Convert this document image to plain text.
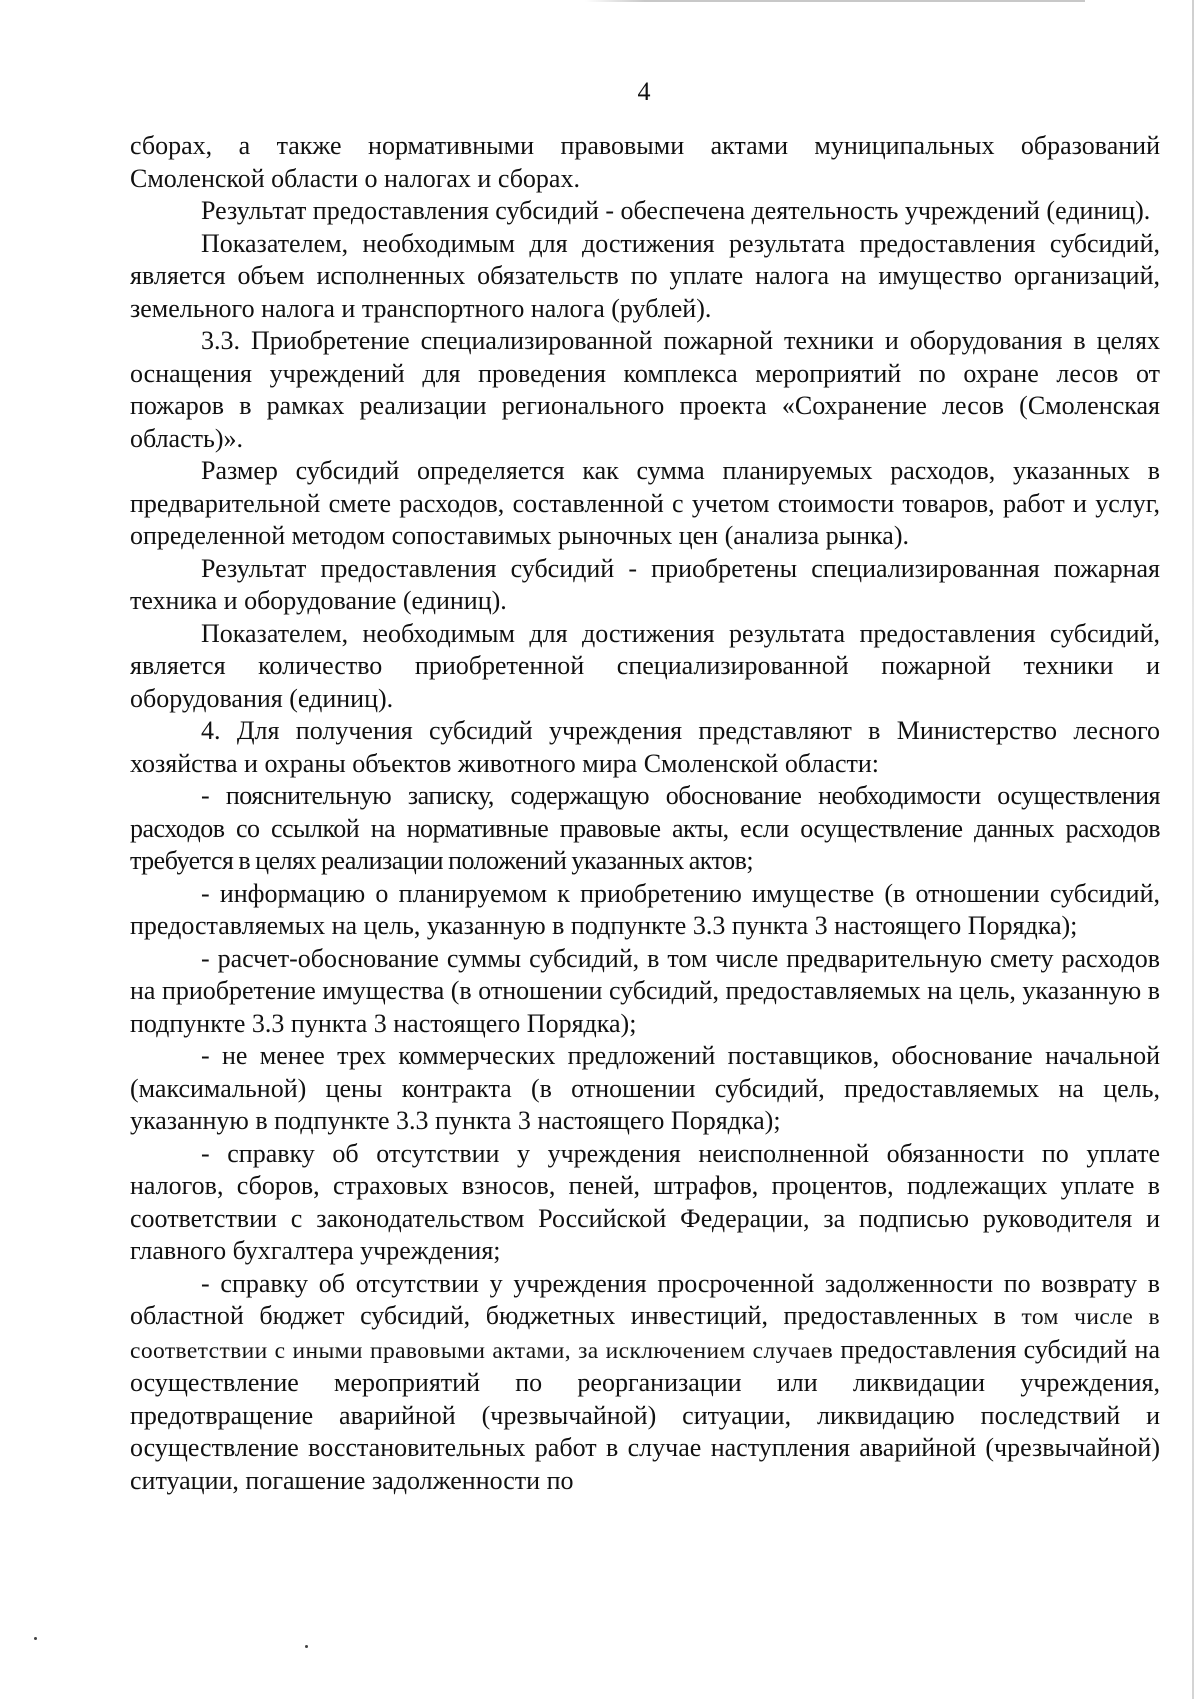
4

сборах, а также нормативными правовыми актами муниципальных образований Смоленской области о налогах и сборах.

Результат предоставления субсидий - обеспечена деятельность учреждений (единиц).

Показателем, необходимым для достижения результата предоставления субсидий, является объем исполненных обязательств по уплате налога на имущество организаций, земельного налога и транспортного налога (рублей).

3.3. Приобретение специализированной пожарной техники и оборудования в целях оснащения учреждений для проведения комплекса мероприятий по охране лесов от пожаров в рамках реализации регионального проекта «Сохранение лесов (Смоленская область)».

Размер субсидий определяется как сумма планируемых расходов, указанных в предварительной смете расходов, составленной с учетом стоимости товаров, работ и услуг, определенной методом сопоставимых рыночных цен (анализа рынка).

Результат предоставления субсидий - приобретены специализированная пожарная техника и оборудование (единиц).

Показателем, необходимым для достижения результата предоставления субсидий, является количество приобретенной специализированной пожарной техники и оборудования (единиц).

4. Для получения субсидий учреждения представляют в Министерство лесного хозяйства и охраны объектов животного мира Смоленской области:

- пояснительную записку, содержащую обоснование необходимости осуществления расходов со ссылкой на нормативные правовые акты, если осуществление данных расходов требуется в целях реализации положений указанных актов;

- информацию о планируемом к приобретению имуществе (в отношении субсидий, предоставляемых на цель, указанную в подпункте 3.3 пункта 3 настоящего Порядка);

- расчет-обоснование суммы субсидий, в том числе предварительную смету расходов на приобретение имущества (в отношении субсидий, предоставляемых на цель, указанную в подпункте 3.3 пункта 3 настоящего Порядка);

- не менее трех коммерческих предложений поставщиков, обоснование начальной (максимальной) цены контракта (в отношении субсидий, предоставляемых на цель, указанную в подпункте 3.3 пункта 3 настоящего Порядка);

- справку об отсутствии у учреждения неисполненной обязанности по уплате налогов, сборов, страховых взносов, пеней, штрафов, процентов, подлежащих уплате в соответствии с законодательством Российской Федерации, за подписью руководителя и главного бухгалтера учреждения;

- справку об отсутствии у учреждения просроченной задолженности по возврату в областной бюджет субсидий, бюджетных инвестиций, предоставленных в том числе в соответствии с иными правовыми актами, за исключением случаев предоставления субсидий на осуществление мероприятий по реорганизации или ликвидации учреждения, предотвращение аварийной (чрезвычайной) ситуации, ликвидацию последствий и осуществление восстановительных работ в случае наступления аварийной (чрезвычайной) ситуации, погашение задолженности по
